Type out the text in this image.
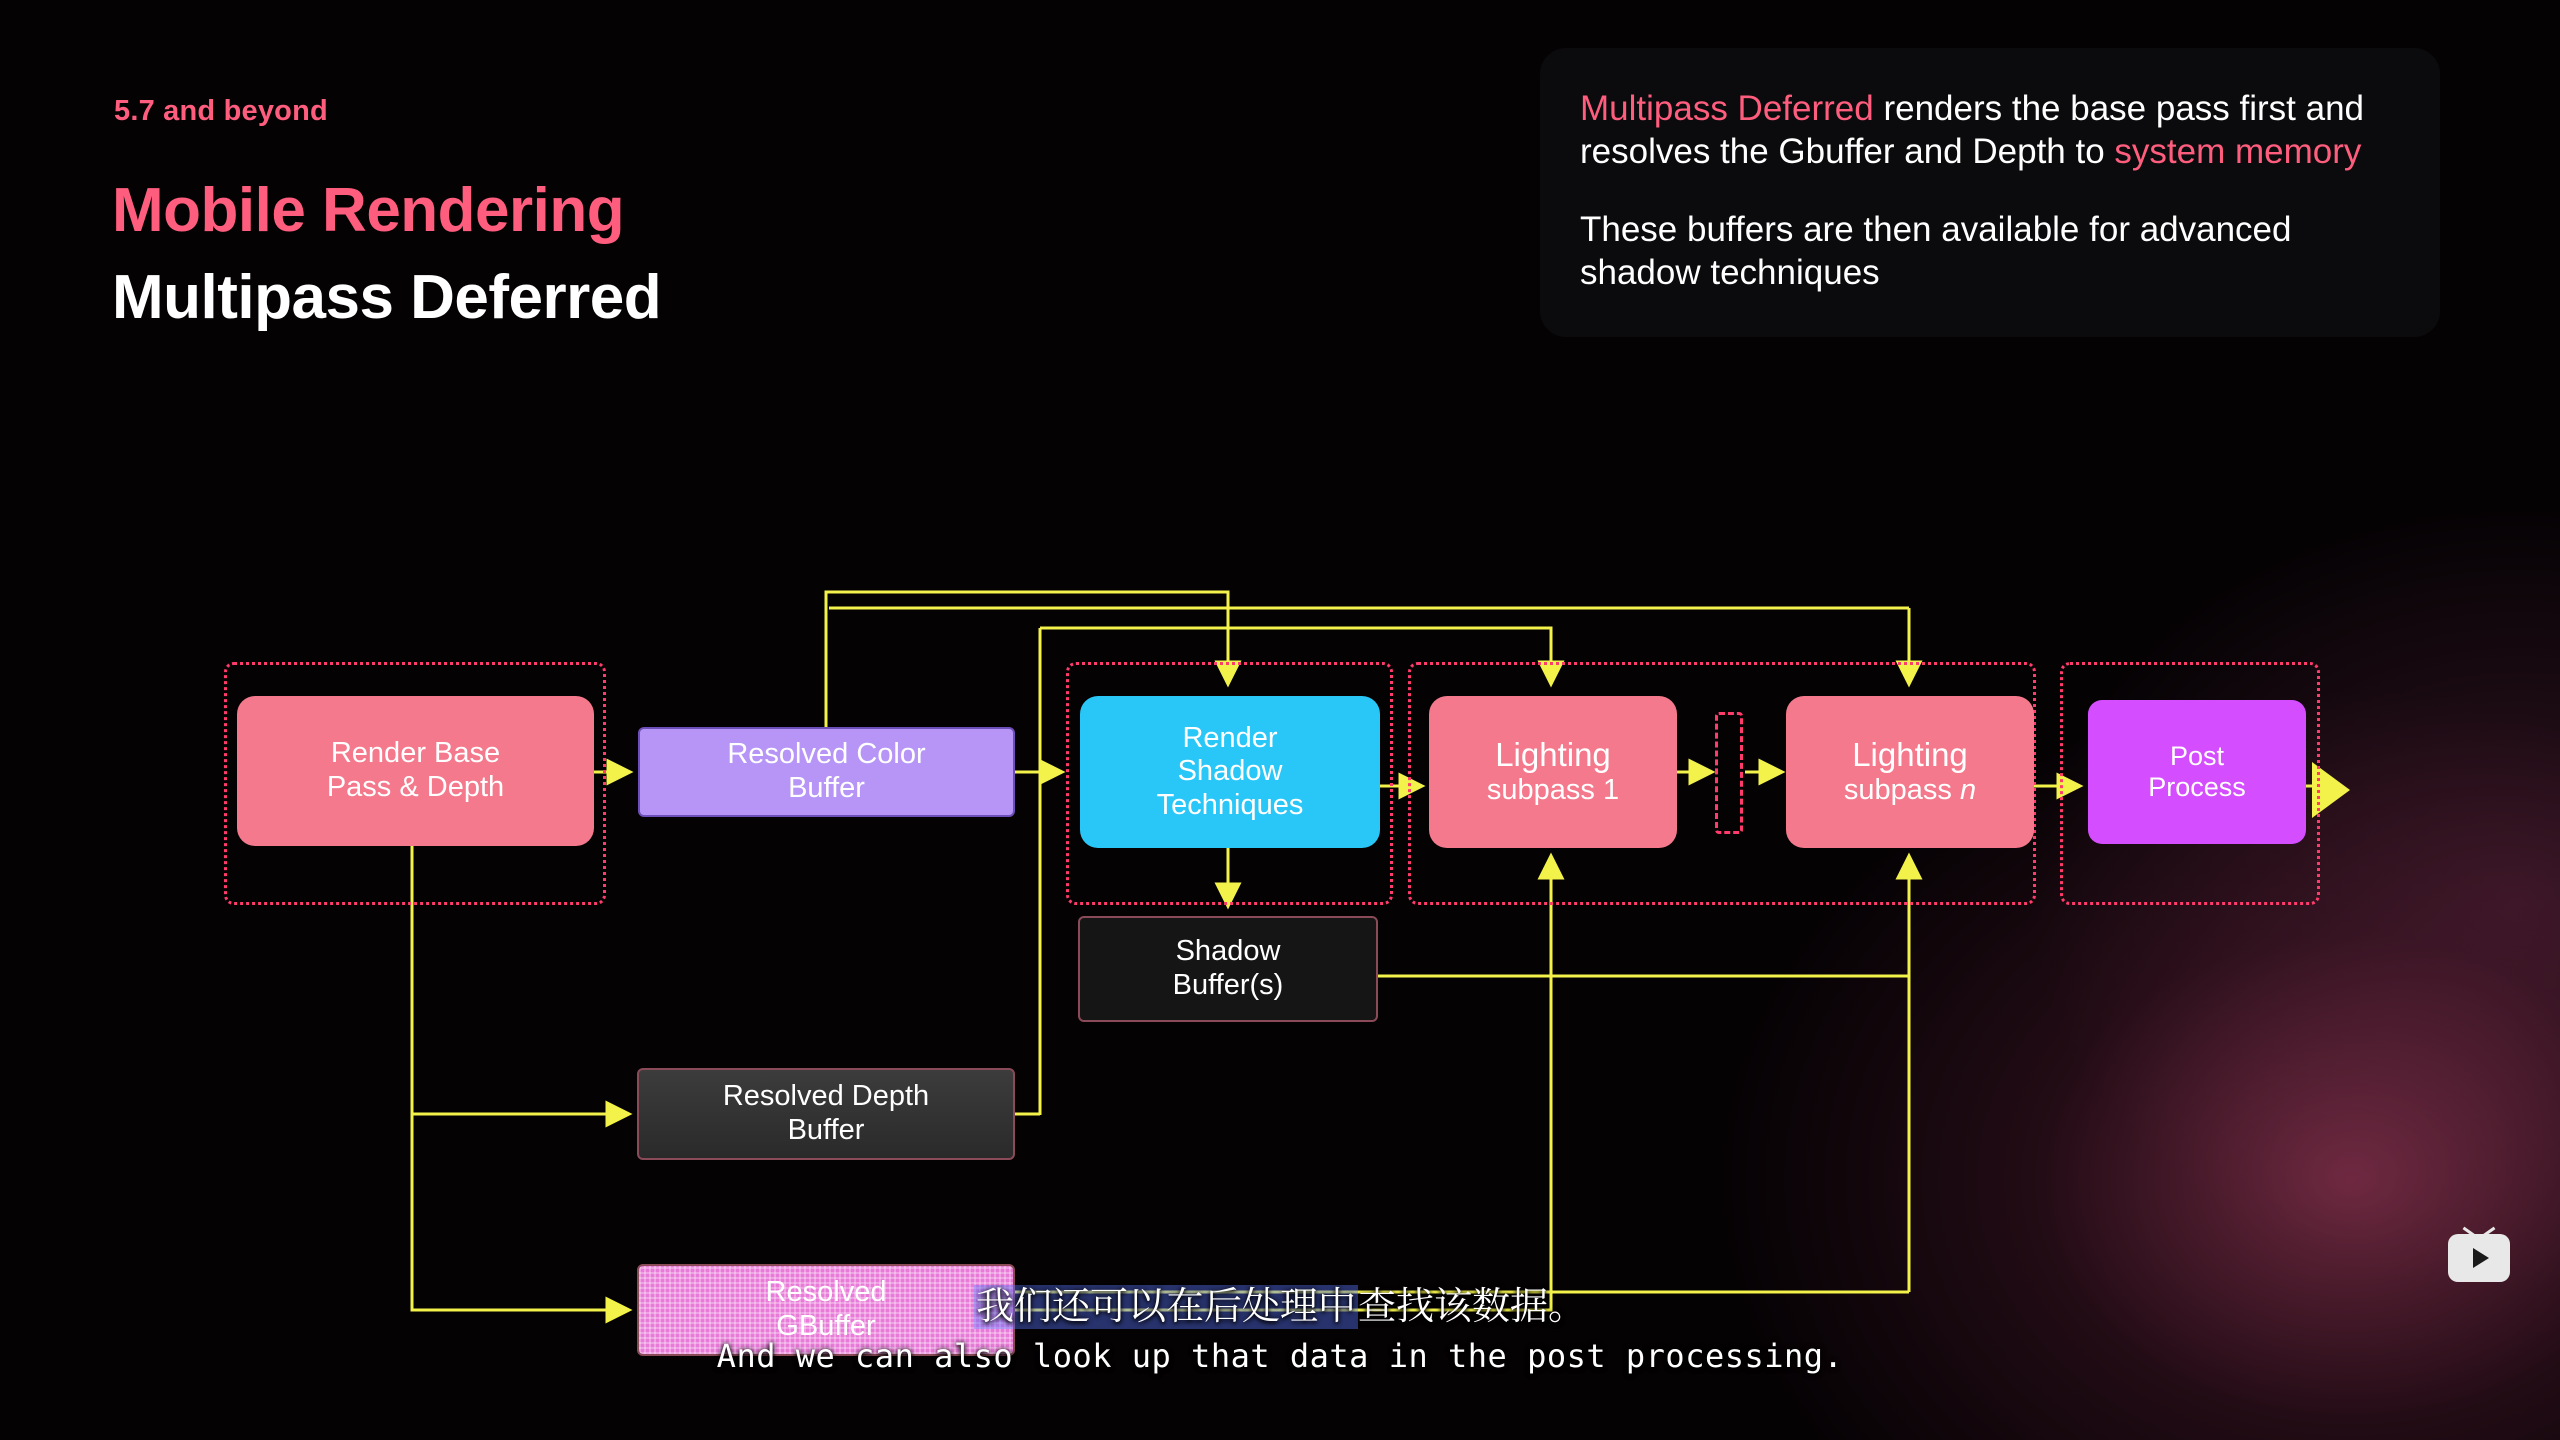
5.7 and beyond
Mobile Rendering
Multipass Deferred

Multipass Deferred renders the base pass first and resolves the Gbuffer and Depth to system memory

These buffers are then available for advanced shadow techniques

Render Base
Pass & Depth
Resolved Color
Buffer
Render
Shadow
Techniques
Lighting
subpass 1
Lighting
subpass n
Post
Process
Shadow
Buffer(s)
Resolved Depth
Buffer
Resolved
GBuffer	我们还可以在后处理中查找该数据。
And we can also look up that data in the post processing.
